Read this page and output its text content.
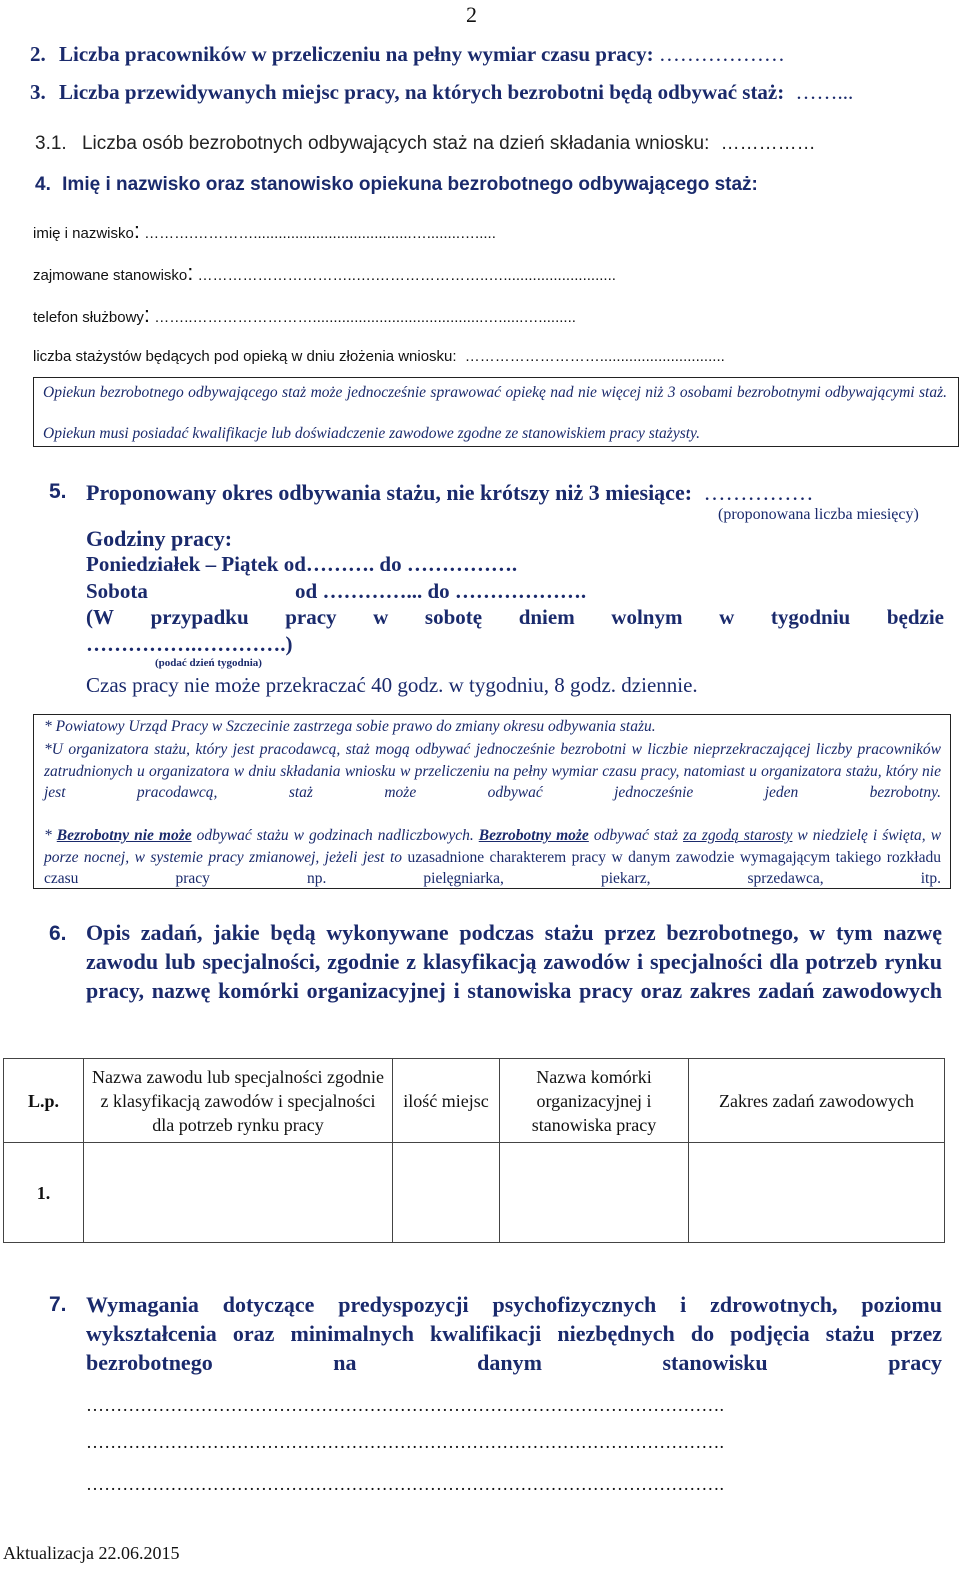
2
2. Liczba pracowników w przeliczeniu na pełny wymiar czasu pracy: ………………
3. Liczba przewidywanych miejsc pracy, na których bezrobotni będą odbywać staż: ……...
3.1. Liczba osób bezrobotnych odbywających staż na dzień składania wniosku: ……………
4. Imię i nazwisko oraz stanowisko opiekuna bezrobotnego odbywającego staż:
imię i nazwisko: ……….…………......................................…........….....
zajmowane stanowisko: …………………………..….…………………..…...........................
telefon służbowy: ……..…………………….........................................…......….........
liczba stażystów będących pod opieką w dniu złożenia wniosku: ………………………..............................
Opiekun bezrobotnego odbywającego staż może jednocześnie sprawować opiekę nad nie więcej niż 3 osobami bezrobotnymi odbywającymi staż.
Opiekun musi posiadać kwalifikacje lub doświadczenie zawodowe zgodne ze stanowiskiem pracy stażysty.
5. Proponowany okres odbywania stażu, nie krótszy niż 3 miesiące: ……………
(proponowana liczba miesięcy)
Godziny pracy:
Poniedziałek – Piątek od………. do …………….
Sobota	od …………... do ……………….
(W przypadku pracy w sobotę dniem wolnym w tygodniu będzie
…………….………….)
(podać dzień tygodnia)
Czas pracy nie może przekraczać 40 godz. w tygodniu, 8 godz. dziennie.
* Powiatowy Urząd Pracy w Szczecinie zastrzega sobie prawo do zmiany okresu odbywania stażu.
*U organizatora stażu, który jest pracodawcą, staż mogą odbywać jednocześnie bezrobotni w liczbie nieprzekraczającej liczby pracowników zatrudnionych u organizatora w dniu składania wniosku w przeliczeniu na pełny wymiar czasu pracy, natomiast u organizatora stażu, który nie jest pracodawcą, staż może odbywać jednocześnie jeden bezrobotny.
* Bezrobotny nie może odbywać stażu w godzinach nadliczbowych. Bezrobotny może odbywać staż za zgodą starosty w niedzielę i święta, w porze nocnej, w systemie pracy zmianowej, jeżeli jest to uzasadnione charakterem pracy w danym zawodzie wymagającym takiego rozkładu czasu pracy np. pielęgniarka, piekarz, sprzedawca, itp.
6. Opis zadań, jakie będą wykonywane podczas stażu przez bezrobotnego, w tym nazwę zawodu lub specjalności, zgodnie z klasyfikacją zawodów i specjalności dla potrzeb rynku pracy, nazwę komórki organizacyjnej i stanowiska pracy oraz zakres zadań zawodowych
L.p.	Nazwa zawodu lub specjalności zgodnie z klasyfikacją zawodów i specjalności dla potrzeb rynku pracy	ilość miejsc	Nazwa komórki organizacyjnej i stanowiska pracy	Zakres zadań zawodowych
1.				
7. Wymagania dotyczące predyspozycji psychofizycznych i zdrowotnych, poziomu wykształcenia oraz minimalnych kwalifikacji niezbędnych do podjęcia stażu przez bezrobotnego na danym stanowisku pracy
…………………………………………………………………………………………….
…………………………………………………………………………………………….
…………………………………………………………………………………………….
Aktualizacja 22.06.2015
